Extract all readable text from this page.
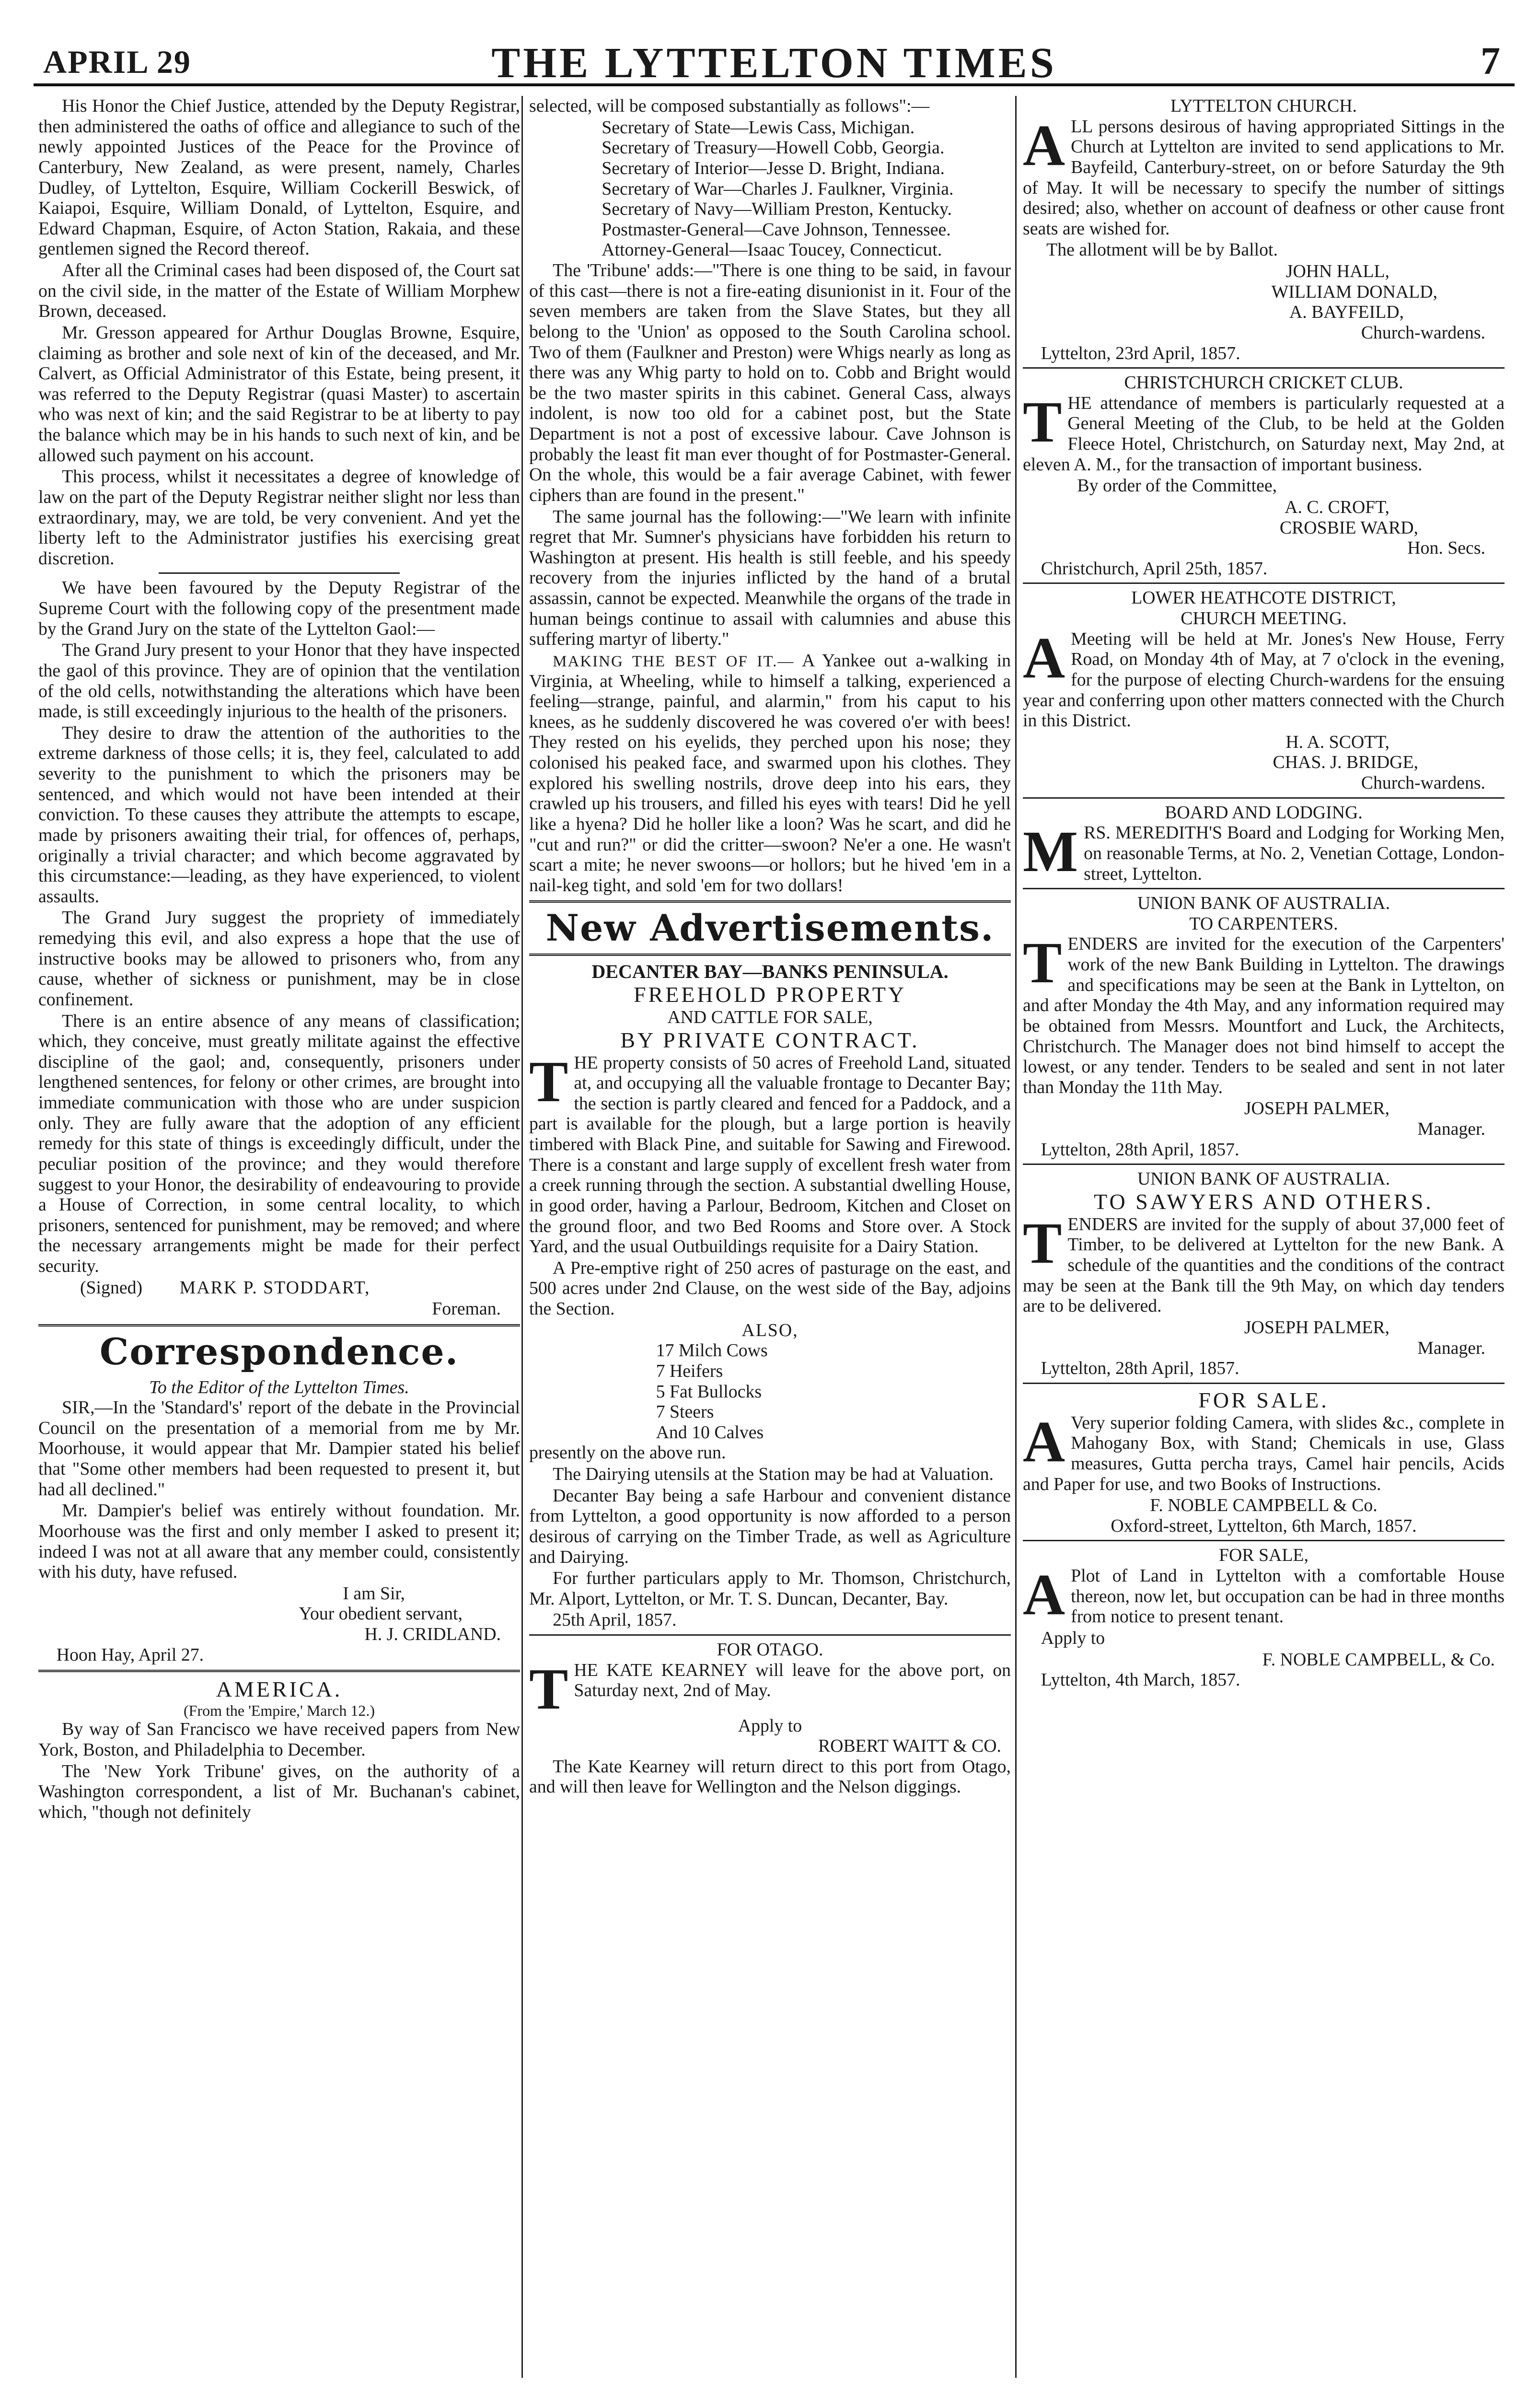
APRIL 29	THE LYTTELTON TIMES	7

His Honor the Chief Justice, attended by the Deputy Registrar, then administered the oaths of office and allegiance to such of the newly appointed Justices of the Peace for the Province of Canterbury, New Zealand, as were present, namely, Charles Dudley, of Lyttelton, Esquire, William Cockerill Beswick, of Kaiapoi, Esquire, William Donald, of Lyttelton, Esquire, and Edward Chapman, Esquire, of Acton Station, Rakaia, and these gentlemen signed the Record thereof.

After all the Criminal cases had been disposed of, the Court sat on the civil side, in the matter of the Estate of William Morphew Brown, deceased.

Mr. Gresson appeared for Arthur Douglas Browne, Esquire, claiming as brother and sole next of kin of the deceased, and Mr. Calvert, as Official Administrator of this Estate, being present, it was referred to the Deputy Registrar (quasi Master) to ascertain who was next of kin; and the said Registrar to be at liberty to pay the balance which may be in his hands to such next of kin, and be allowed such payment on his account.

This process, whilst it necessitates a degree of knowledge of law on the part of the Deputy Registrar neither slight nor less than extraordinary, may, we are told, be very convenient. And yet the liberty left to the Administrator justifies his exercising great discretion.

We have been favoured by the Deputy Registrar of the Supreme Court with the following copy of the presentment made by the Grand Jury on the state of the Lyttelton Gaol:—

The Grand Jury present to your Honor that they have inspected the gaol of this province. They are of opinion that the ventilation of the old cells, notwithstanding the alterations which have been made, is still exceedingly injurious to the health of the prisoners.

They desire to draw the attention of the authorities to the extreme darkness of those cells; it is, they feel, calculated to add severity to the punishment to which the prisoners may be sentenced, and which would not have been intended at their conviction. To these causes they attribute the attempts to escape, made by prisoners awaiting their trial, for offences of, perhaps, originally a trivial character; and which become aggravated by this circumstance:—leading, as they have experienced, to violent assaults.

The Grand Jury suggest the propriety of immediately remedying this evil, and also express a hope that the use of instructive books may be allowed to prisoners who, from any cause, whether of sickness or punishment, may be in close confinement.

There is an entire absence of any means of classification; which, they conceive, must greatly militate against the effective discipline of the gaol; and, consequently, prisoners under lengthened sentences, for felony or other crimes, are brought into immediate communication with those who are under suspicion only. They are fully aware that the adoption of any efficient remedy for this state of things is exceedingly difficult, under the peculiar position of the province; and they would therefore suggest to your Honor, the desirability of endeavouring to provide a House of Correction, in some central locality, to which prisoners, sentenced for punishment, may be removed; and where the necessary arrangements might be made for their perfect security.

(Signed) MARK P. STODDART,
Foreman.
Correspondence.
To the Editor of the Lyttelton Times.

SIR,—In the 'Standard's' report of the debate in the Provincial Council on the presentation of a memorial from me by Mr. Moorhouse, it would appear that Mr. Dampier stated his belief that "Some other members had been requested to present it, but had all declined."

Mr. Dampier's belief was entirely without foundation. Mr. Moorhouse was the first and only member I asked to present it; indeed I was not at all aware that any member could, consistently with his duty, have refused.

I am Sir,
Your obedient servant,
H. J. CRIDLAND.
Hoon Hay, April 27.
AMERICA.
(From the 'Empire,' March 12.)

By way of San Francisco we have received papers from New York, Boston, and Philadelphia to December.

The 'New York Tribune' gives, on the authority of a Washington correspondent, a list of Mr. Buchanan's cabinet, which, "though not definitely

selected, will be composed substantially as follows":—

Secretary of State—Lewis Cass, Michigan.
Secretary of Treasury—Howell Cobb, Georgia.
Secretary of Interior—Jesse D. Bright, Indiana.
Secretary of War—Charles J. Faulkner, Virginia.
Secretary of Navy—William Preston, Kentucky.
Postmaster-General—Cave Johnson, Tennessee.
Attorney-General—Isaac Toucey, Connecticut.

The 'Tribune' adds:—"There is one thing to be said, in favour of this cast—there is not a fire-eating disunionist in it. Four of the seven members are taken from the Slave States, but they all belong to the 'Union' as opposed to the South Carolina school. Two of them (Faulkner and Preston) were Whigs nearly as long as there was any Whig party to hold on to. Cobb and Bright would be the two master spirits in this cabinet. General Cass, always indolent, is now too old for a cabinet post, but the State Department is not a post of excessive labour. Cave Johnson is probably the least fit man ever thought of for Postmaster-General. On the whole, this would be a fair average Cabinet, with fewer ciphers than are found in the present."

The same journal has the following:—"We learn with infinite regret that Mr. Sumner's physicians have forbidden his return to Washington at present. His health is still feeble, and his speedy recovery from the injuries inflicted by the hand of a brutal assassin, cannot be expected. Meanwhile the organs of the trade in human beings continue to assail with calumnies and abuse this suffering martyr of liberty."

MAKING THE BEST OF IT.— A Yankee out a-walking in Virginia, at Wheeling, while to himself a talking, experienced a feeling—strange, painful, and alarmin," from his caput to his knees, as he suddenly discovered he was covered o'er with bees! They rested on his eyelids, they perched upon his nose; they colonised his peaked face, and swarmed upon his clothes. They explored his swelling nostrils, drove deep into his ears, they crawled up his trousers, and filled his eyes with tears! Did he yell like a hyena? Did he holler like a loon? Was he scart, and did he "cut and run?" or did the critter—swoon? Ne'er a one. He wasn't scart a mite; he never swoons—or hollors; but he hived 'em in a nail-keg tight, and sold 'em for two dollars!

New Advertisements.
DECANTER BAY—BANKS PENINSULA.
FREEHOLD PROPERTY
AND CATTLE FOR SALE,
BY PRIVATE CONTRACT.

THE property consists of 50 acres of Freehold Land, situated at, and occupying all the valuable frontage to Decanter Bay; the section is partly cleared and fenced for a Paddock, and a part is available for the plough, but a large portion is heavily timbered with Black Pine, and suitable for Sawing and Firewood. There is a constant and large supply of excellent fresh water from a creek running through the section. A substantial dwelling House, in good order, having a Parlour, Bedroom, Kitchen and Closet on the ground floor, and two Bed Rooms and Store over. A Stock Yard, and the usual Outbuildings requisite for a Dairy Station.

A Pre-emptive right of 250 acres of pasturage on the east, and 500 acres under 2nd Clause, on the west side of the Bay, adjoins the Section.

ALSO,
17 Milch Cows
7 Heifers
5 Fat Bullocks
7 Steers
And 10 Calves

presently on the above run.

The Dairying utensils at the Station may be had at Valuation.

Decanter Bay being a safe Harbour and convenient distance from Lyttelton, a good opportunity is now afforded to a person desirous of carrying on the Timber Trade, as well as Agriculture and Dairying.

For further particulars apply to Mr. Thomson, Christchurch, Mr. Alport, Lyttelton, or Mr. T. S. Duncan, Decanter, Bay.

25th April, 1857.

FOR OTAGO.

THE KATE KEARNEY will leave for the above port, on Saturday next, 2nd of May.

Apply to
ROBERT WAITT & CO.

The Kate Kearney will return direct to this port from Otago, and will then leave for Wellington and the Nelson diggings.

LYTTELTON CHURCH.

ALL persons desirous of having appropriated Sittings in the Church at Lyttelton are invited to send applications to Mr. Bayfeild, Canterbury-street, on or before Saturday the 9th of May. It will be necessary to specify the number of sittings desired; also, whether on account of deafness or other cause front seats are wished for.

The allotment will be by Ballot.

JOHN HALL,
WILLIAM DONALD,
A. BAYFEILD,
Church-wardens.
Lyttelton, 23rd April, 1857.
CHRISTCHURCH CRICKET CLUB.

THE attendance of members is particularly requested at a General Meeting of the Club, to be held at the Golden Fleece Hotel, Christchurch, on Saturday next, May 2nd, at eleven A. M., for the transaction of important business.

By order of the Committee,
A. C. CROFT,
CROSBIE WARD,
Hon. Secs.
Christchurch, April 25th, 1857.
LOWER HEATHCOTE DISTRICT,
CHURCH MEETING.

A Meeting will be held at Mr. Jones's New House, Ferry Road, on Monday 4th of May, at 7 o'clock in the evening, for the purpose of electing Church-wardens for the ensuing year and conferring upon other matters connected with the Church in this District.

H. A. SCOTT,
CHAS. J. BRIDGE,
Church-wardens.
BOARD AND LODGING.

MRS. MEREDITH'S Board and Lodging for Working Men, on reasonable Terms, at No. 2, Venetian Cottage, London-street, Lyttelton.

UNION BANK OF AUSTRALIA.
TO CARPENTERS.

TENDERS are invited for the execution of the Carpenters' work of the new Bank Building in Lyttelton. The drawings and specifications may be seen at the Bank in Lyttelton, on and after Monday the 4th May, and any information required may be obtained from Messrs. Mountfort and Luck, the Architects, Christchurch. The Manager does not bind himself to accept the lowest, or any tender. Tenders to be sealed and sent in not later than Monday the 11th May.

JOSEPH PALMER,
Manager.
Lyttelton, 28th April, 1857.
UNION BANK OF AUSTRALIA.
TO SAWYERS AND OTHERS.

TENDERS are invited for the supply of about 37,000 feet of Timber, to be delivered at Lyttelton for the new Bank. A schedule of the quantities and the conditions of the contract may be seen at the Bank till the 9th May, on which day tenders are to be delivered.

JOSEPH PALMER,
Manager.
Lyttelton, 28th April, 1857.
FOR SALE.

A Very superior folding Camera, with slides &c., complete in Mahogany Box, with Stand; Chemicals in use, Glass measures, Gutta percha trays, Camel hair pencils, Acids and Paper for use, and two Books of Instructions.

F. NOBLE CAMPBELL & Co.
Oxford-street, Lyttelton, 6th March, 1857.
FOR SALE,

A Plot of Land in Lyttelton with a comfortable House thereon, now let, but occupation can be had in three months from notice to present tenant.

Apply to
F. NOBLE CAMPBELL, & Co.
Lyttelton, 4th March, 1857.
